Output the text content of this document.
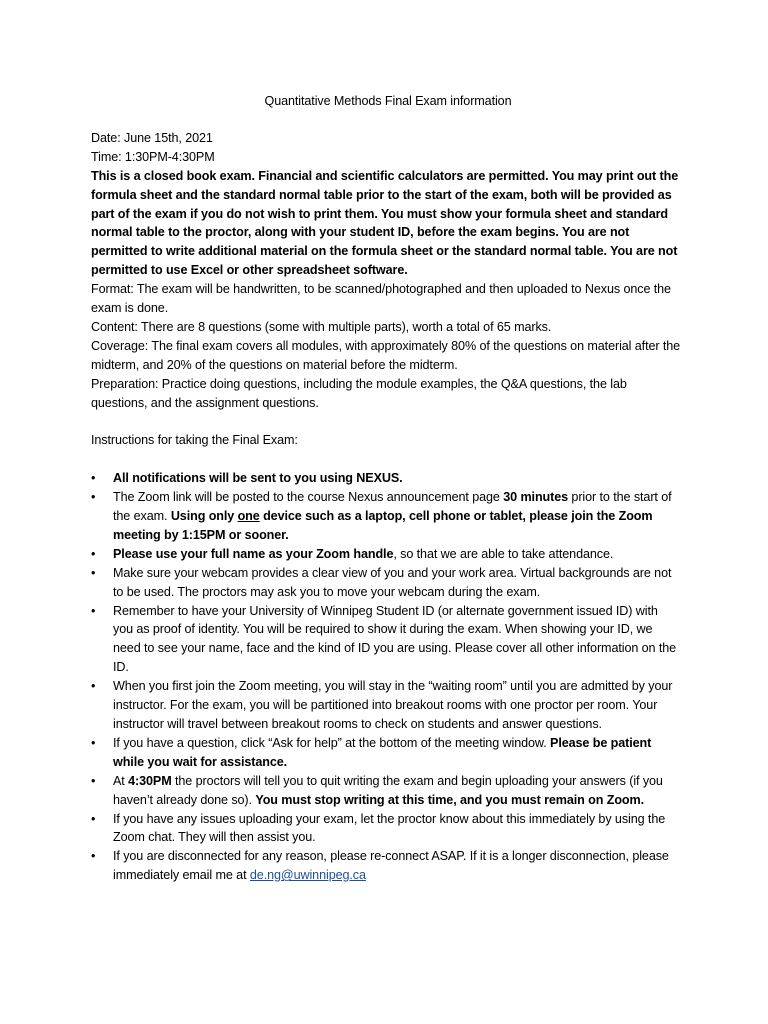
Quantitative Methods Final Exam information

Date: June 15th, 2021

Time: 1:30PM-4:30PM

This is a closed book exam. Financial and scientific calculators are permitted. You may print out the formula sheet and the standard normal table prior to the start of the exam, both will be provided as part of the exam if you do not wish to print them. You must show your formula sheet and standard normal table to the proctor, along with your student ID, before the exam begins. You are not permitted to write additional material on the formula sheet or the standard normal table. You are not permitted to use Excel or other spreadsheet software.

Format: The exam will be handwritten, to be scanned/photographed and then uploaded to Nexus once the exam is done.

Content: There are 8 questions (some with multiple parts), worth a total of 65 marks.

Coverage: The final exam covers all modules, with approximately 80% of the questions on material after the midterm, and 20% of the questions on material before the midterm.

Preparation: Practice doing questions, including the module examples, the Q&A questions, the lab questions, and the assignment questions.

Instructions for taking the Final Exam:

•	All notifications will be sent to you using NEXUS.
•	The Zoom link will be posted to the course Nexus announcement page 30 minutes prior to the start of the exam. Using only one device such as a laptop, cell phone or tablet, please join the Zoom meeting by 1:15PM or sooner.
•	Please use your full name as your Zoom handle, so that we are able to take attendance.
•	Make sure your webcam provides a clear view of you and your work area. Virtual backgrounds are not to be used. The proctors may ask you to move your webcam during the exam.
•	Remember to have your University of Winnipeg Student ID (or alternate government issued ID) with you as proof of identity. You will be required to show it during the exam. When showing your ID, we need to see your name, face and the kind of ID you are using. Please cover all other information on the ID.
•	When you first join the Zoom meeting, you will stay in the “waiting room” until you are admitted by your instructor. For the exam, you will be partitioned into breakout rooms with one proctor per room. Your instructor will travel between breakout rooms to check on students and answer questions.
•	If you have a question, click “Ask for help” at the bottom of the meeting window. Please be patient while you wait for assistance.
•	At 4:30PM the proctors will tell you to quit writing the exam and begin uploading your answers (if you haven’t already done so). You must stop writing at this time, and you must remain on Zoom.
•	If you have any issues uploading your exam, let the proctor know about this immediately by using the Zoom chat. They will then assist you.
•	If you are disconnected for any reason, please re-connect ASAP. If it is a longer disconnection, please immediately email me at de.ng@uwinnipeg.ca
